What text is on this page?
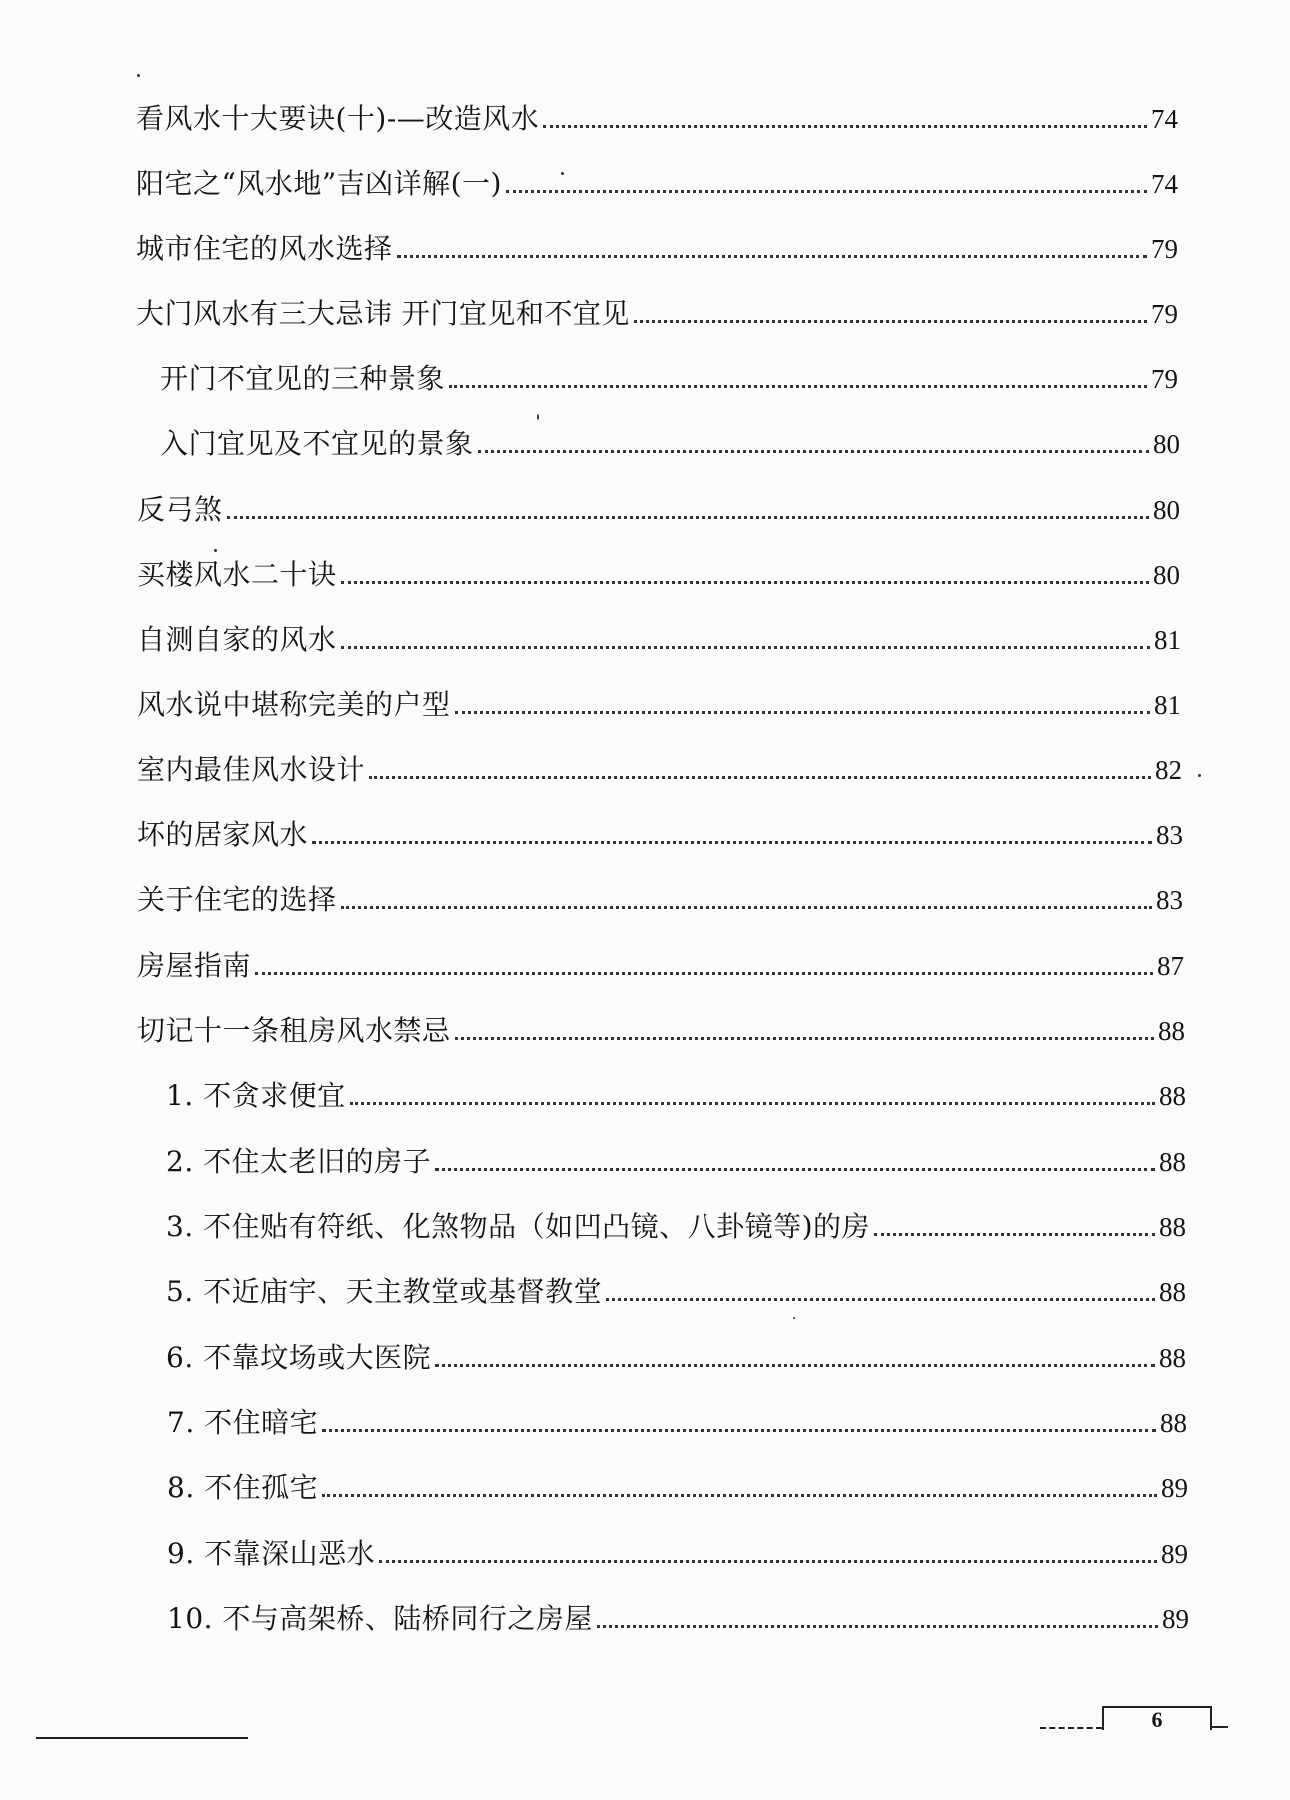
看风水十大要诀(十)-—改造风水	74
阳宅之“风水地”吉凶详解(一)	74
城市住宅的风水选择	79
大门风水有三大忌讳 开门宜见和不宜见	79
开门不宜见的三种景象	79
入门宜见及不宜见的景象	80
反弓煞	80
买楼风水二十诀	80
自测自家的风水	81
风水说中堪称完美的户型	81
室内最佳风水设计	82
坏的居家风水	83
关于住宅的选择	83
房屋指南	87
切记十一条租房风水禁忌	88
1. 不贪求便宜	88
2. 不住太老旧的房子	88
3. 不住贴有符纸、化煞物品（如凹凸镜、八卦镜等)的房	88
5. 不近庙宇、天主教堂或基督教堂	88
6. 不靠坟场或大医院	88
7. 不住暗宅	88
8. 不住孤宅	89
9. 不靠深山恶水	89
10. 不与高架桥、陆桥同行之房屋	89
6
